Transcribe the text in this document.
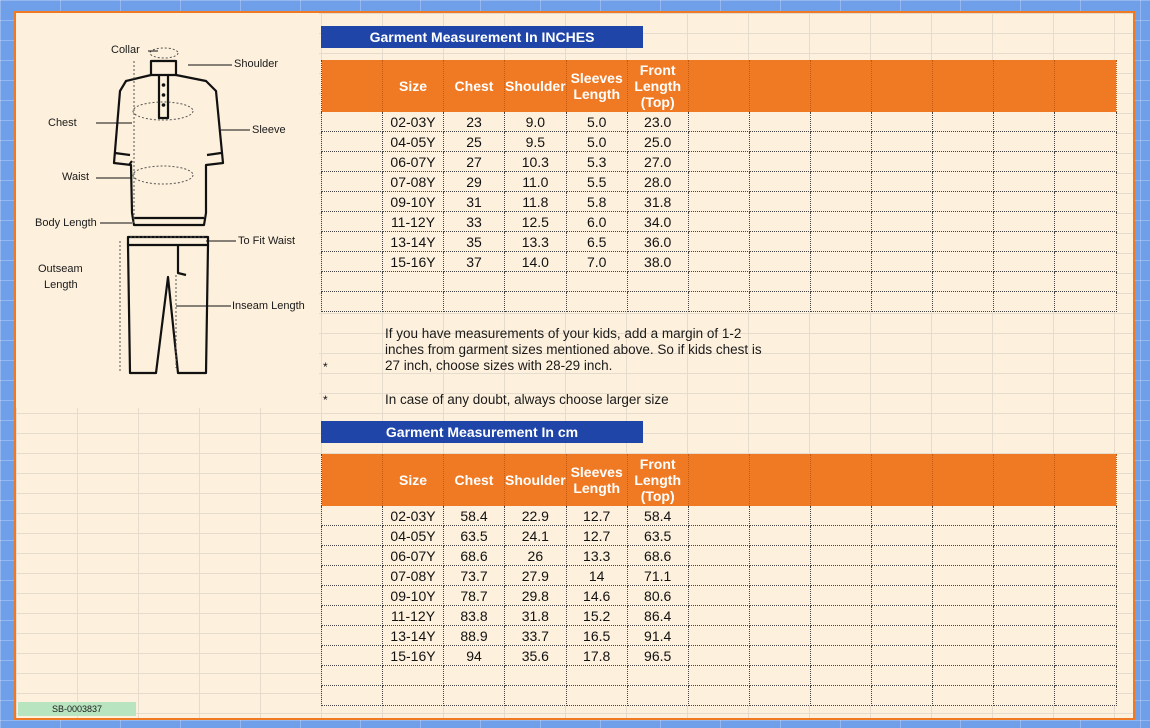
Collar
Shoulder
Chest
Sleeve
Waist
Body Length
To Fit Waist
Outseam
Length
Inseam Length
Garment Measurement In INCHES
	Size	Chest	Shoulder	Sleeves Length	Front Length (Top)							
	02-03Y	23	9.0	5.0	23.0							
	04-05Y	25	9.5	5.0	25.0							
	06-07Y	27	10.3	5.3	27.0							
	07-08Y	29	11.0	5.5	28.0							
	09-10Y	31	11.8	5.8	31.8							
	11-12Y	33	12.5	6.0	34.0							
	13-14Y	35	13.3	6.5	36.0							
	15-16Y	37	14.0	7.0	38.0							

*
If you have measurements of your kids, add a margin of 1-2 inches from garment sizes mentioned above. So if kids chest is 27 inch, choose sizes with 28-29 inch.
*	In case of any doubt, always choose larger size
Garment Measurement In cm
	Size	Chest	Shoulder	Sleeves Length	Front Length (Top)							
	02-03Y	58.4	22.9	12.7	58.4							
	04-05Y	63.5	24.1	12.7	63.5							
	06-07Y	68.6	26	13.3	68.6							
	07-08Y	73.7	27.9	14	71.1							
	09-10Y	78.7	29.8	14.6	80.6							
	11-12Y	83.8	31.8	15.2	86.4							
	13-14Y	88.9	33.7	16.5	91.4							
	15-16Y	94	35.6	17.8	96.5							

SB-0003837
